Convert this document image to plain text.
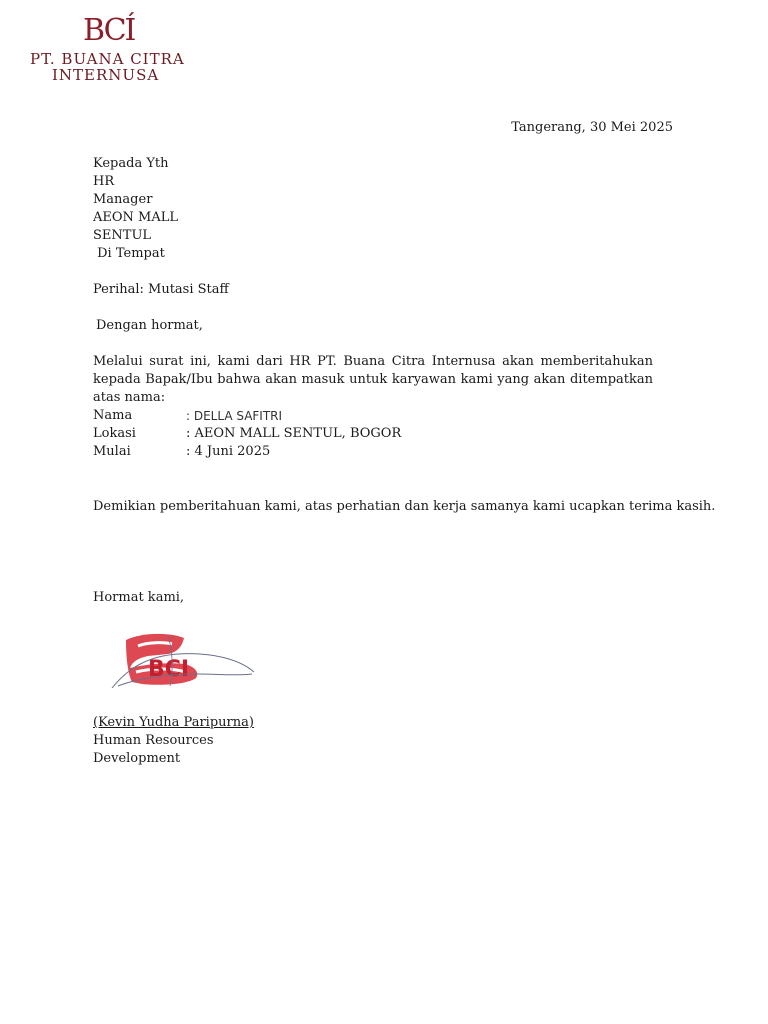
BCÍ
PT. BUANA CITRA
INTERNUSA
Tangerang, 30 Mei 2025
Kepada Yth
HR
Manager
AEON MALL
SENTUL
Di Tempat
Perihal: Mutasi Staff
Dengan hormat,
Melalui surat ini, kami dari HR PT. Buana Citra Internusa akan memberitahukan kepada Bapak/Ibu bahwa akan masuk untuk karyawan kami yang akan ditempatkan atas nama:
Nama	: DELLA SAFITRI
Lokasi	: AEON MALL SENTUL, BOGOR
Mulai	: 4 Juni 2025
Demikian pemberitahuan kami, atas perhatian dan kerja samanya kami ucapkan terima kasih.
Hormat kami,
BCI
(Kevin Yudha Paripurna)
Human Resources
Development
